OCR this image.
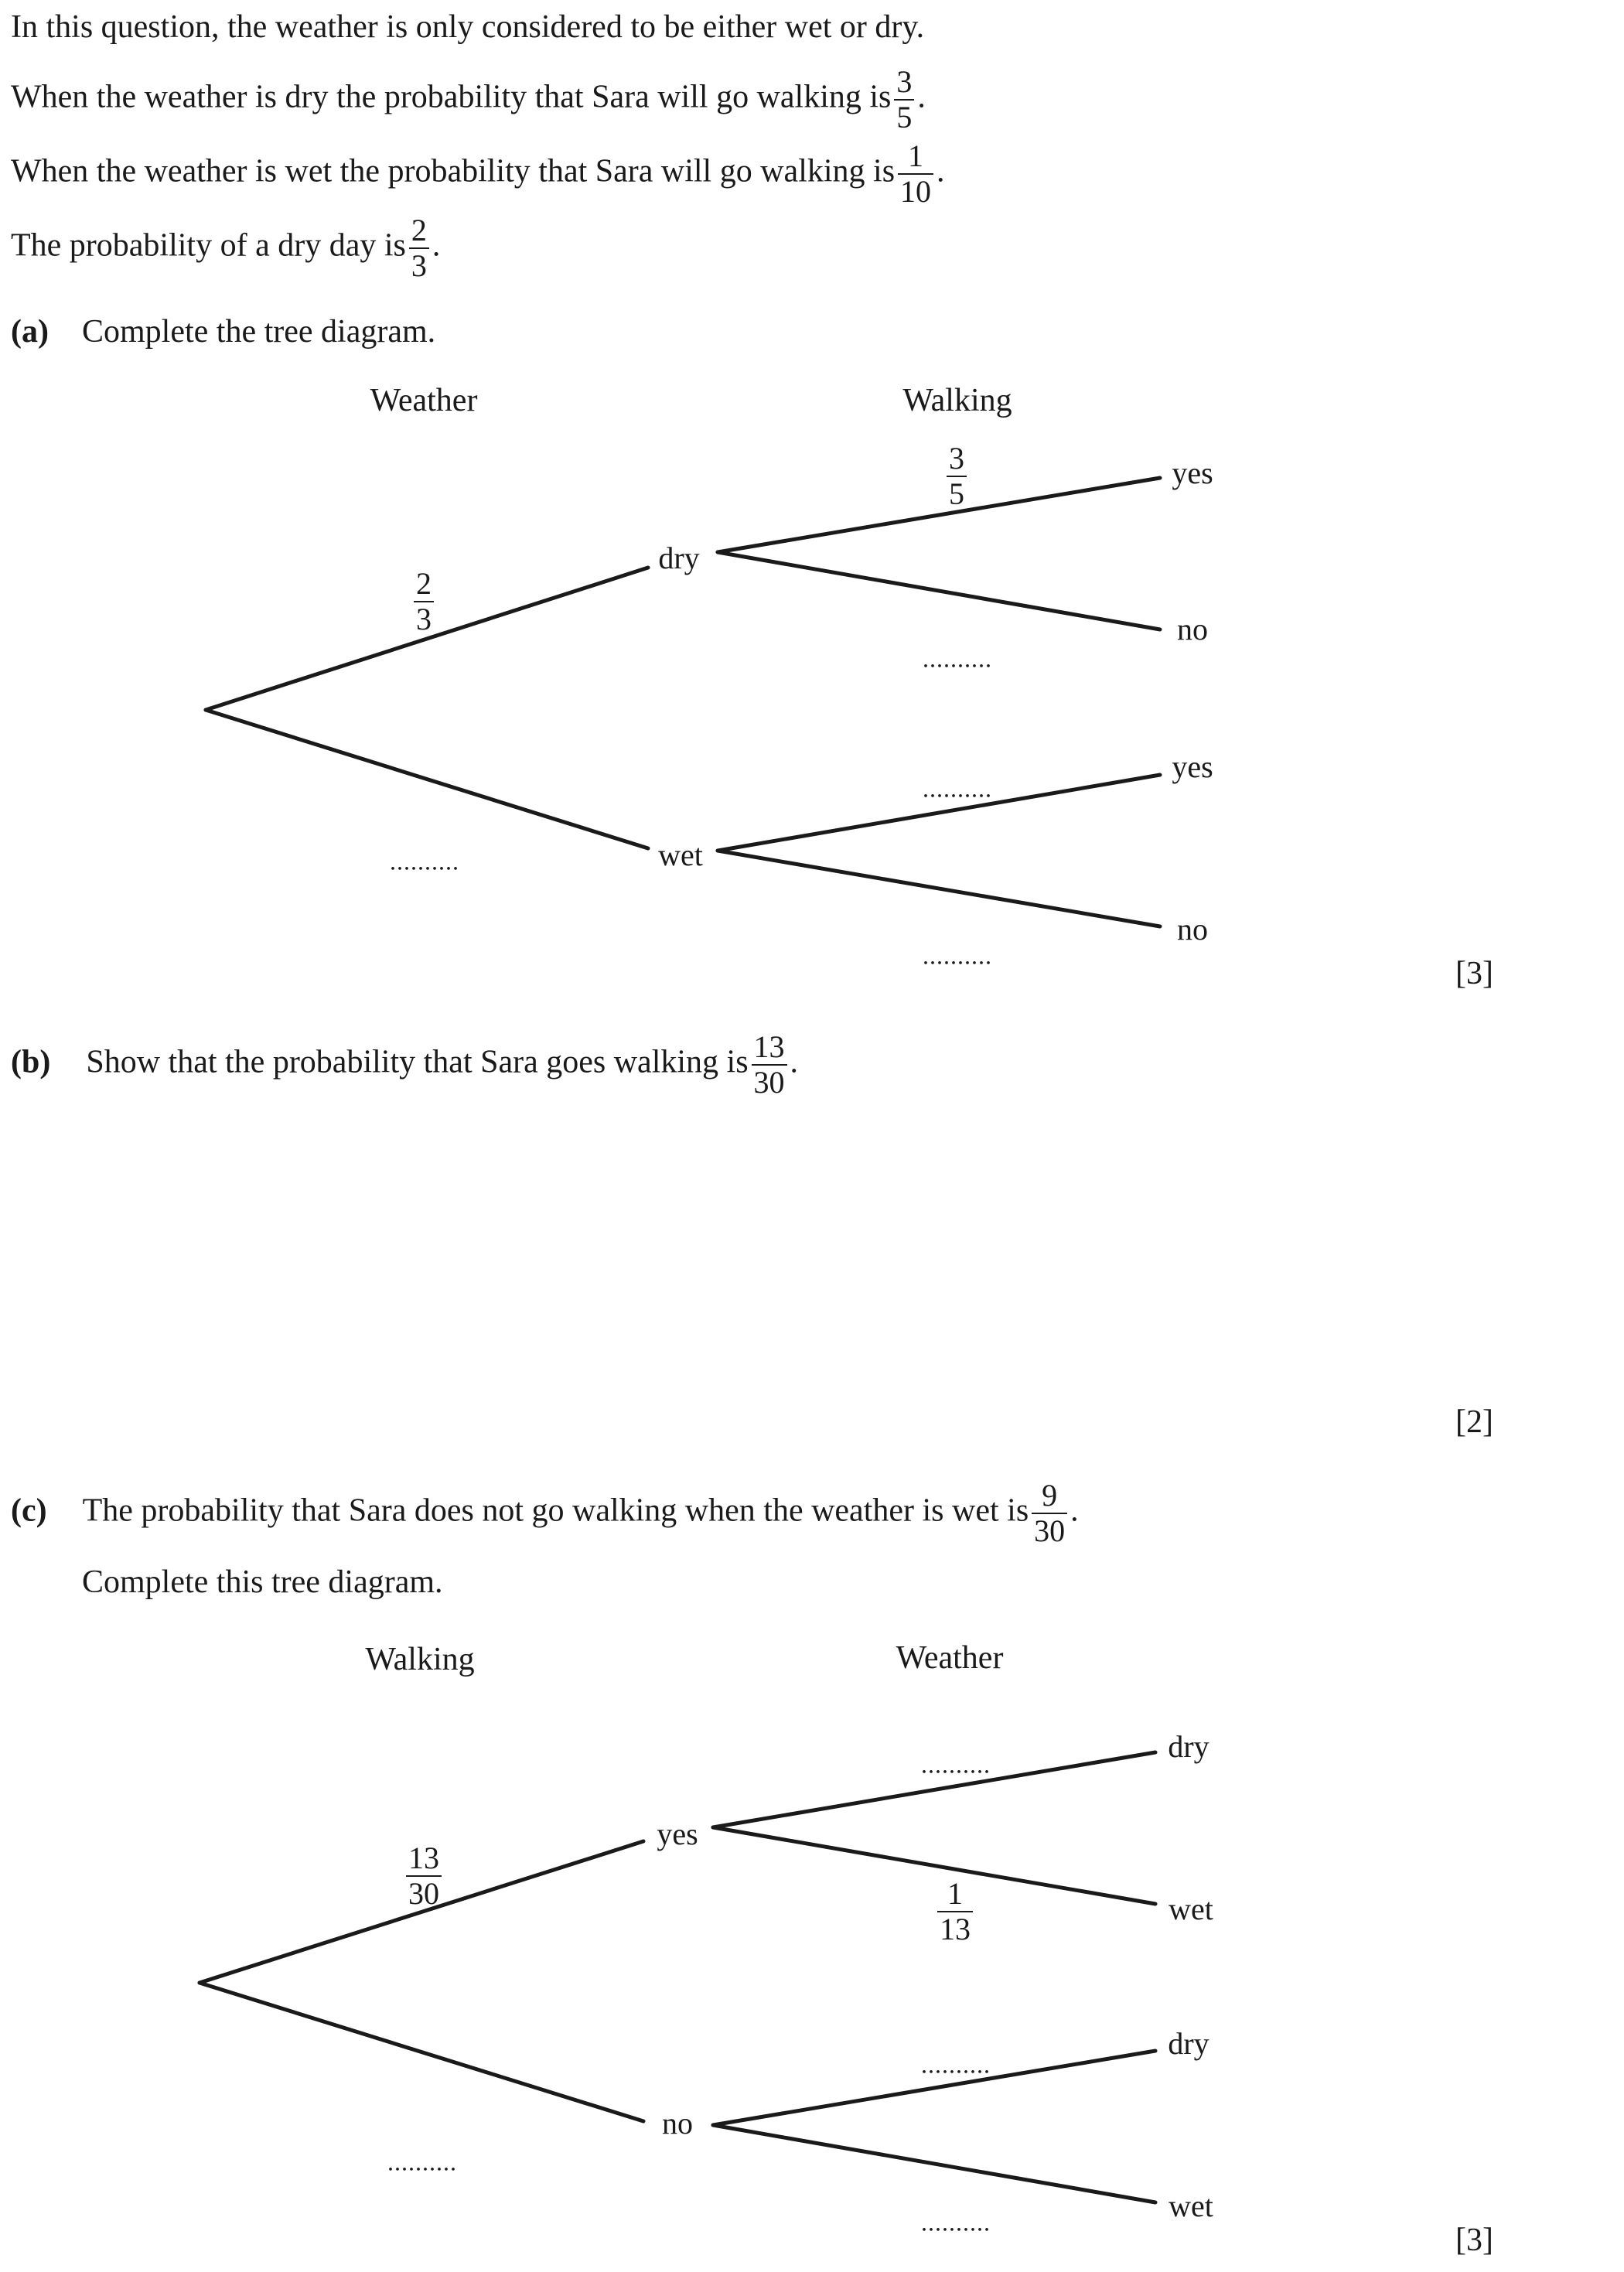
In this question, the weather is only considered to be either wet or dry.
When the weather is dry the probability that Sara will go walking is $\frac{3}{5}$ .
When the weather is wet the probability that Sara will go walking is $\frac{1}{10}$ .
The probability of a dry day is $\frac{2}{3}$ .
(a) Complete the tree diagram.
Weather	Walking
dry
wet
yes
no
yes
no
$\frac{2}{3}$
$\frac{3}{5}$
..........
..........
..........
..........
[3]
(b) Show that the probability that Sara goes walking is $\frac{13}{30}$ .
[2]
(c) The probability that Sara does not go walking when the weather is wet is $\frac{9}{30}$ .
Complete this tree diagram.
Walking	Weather
yes
no
dry
wet
dry
wet
$\frac{13}{30}$
$\frac{1}{13}$
..........
..........
..........
..........
[3]
